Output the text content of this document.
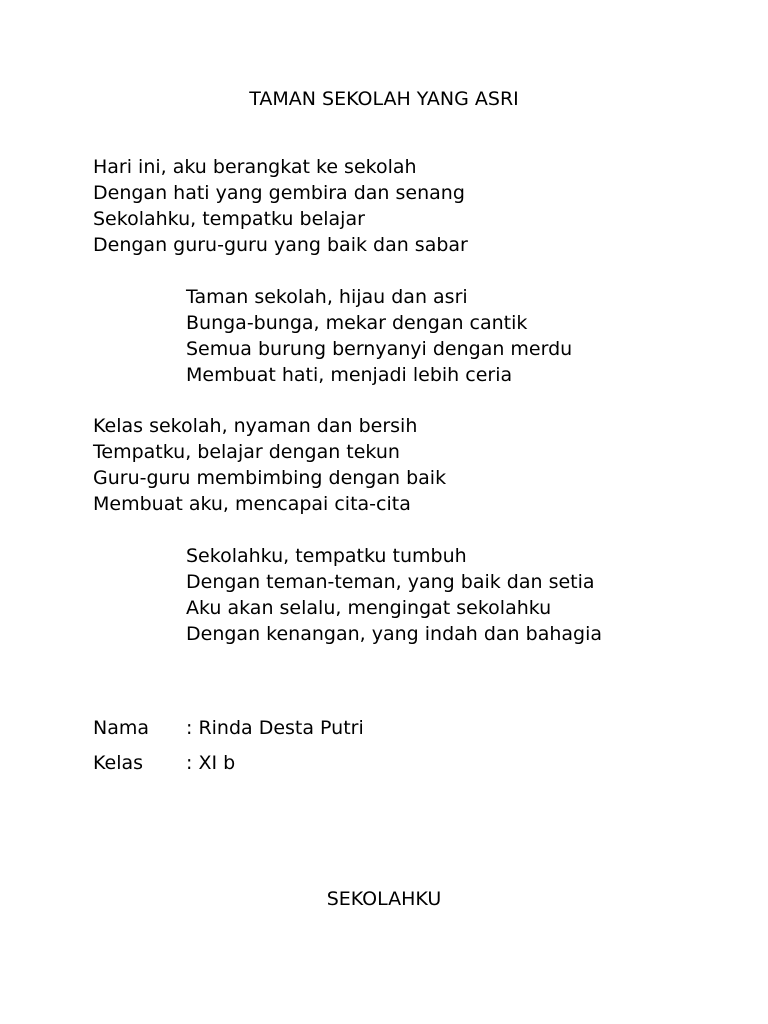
TAMAN SEKOLAH YANG ASRI
Hari ini, aku berangkat ke sekolah
Dengan hati yang gembira dan senang
Sekolahku, tempatku belajar
Dengan guru-guru yang baik dan sabar
Taman sekolah, hijau dan asri
Bunga-bunga, mekar dengan cantik
Semua burung bernyanyi dengan merdu
Membuat hati, menjadi lebih ceria
Kelas sekolah, nyaman dan bersih
Tempatku, belajar dengan tekun
Guru-guru membimbing dengan baik
Membuat aku, mencapai cita-cita
Sekolahku, tempatku tumbuh
Dengan teman-teman, yang baik dan setia
Aku akan selalu, mengingat sekolahku
Dengan kenangan, yang indah dan bahagia
Nama : Rinda Desta Putri
Kelas : XI b
SEKOLAHKU
